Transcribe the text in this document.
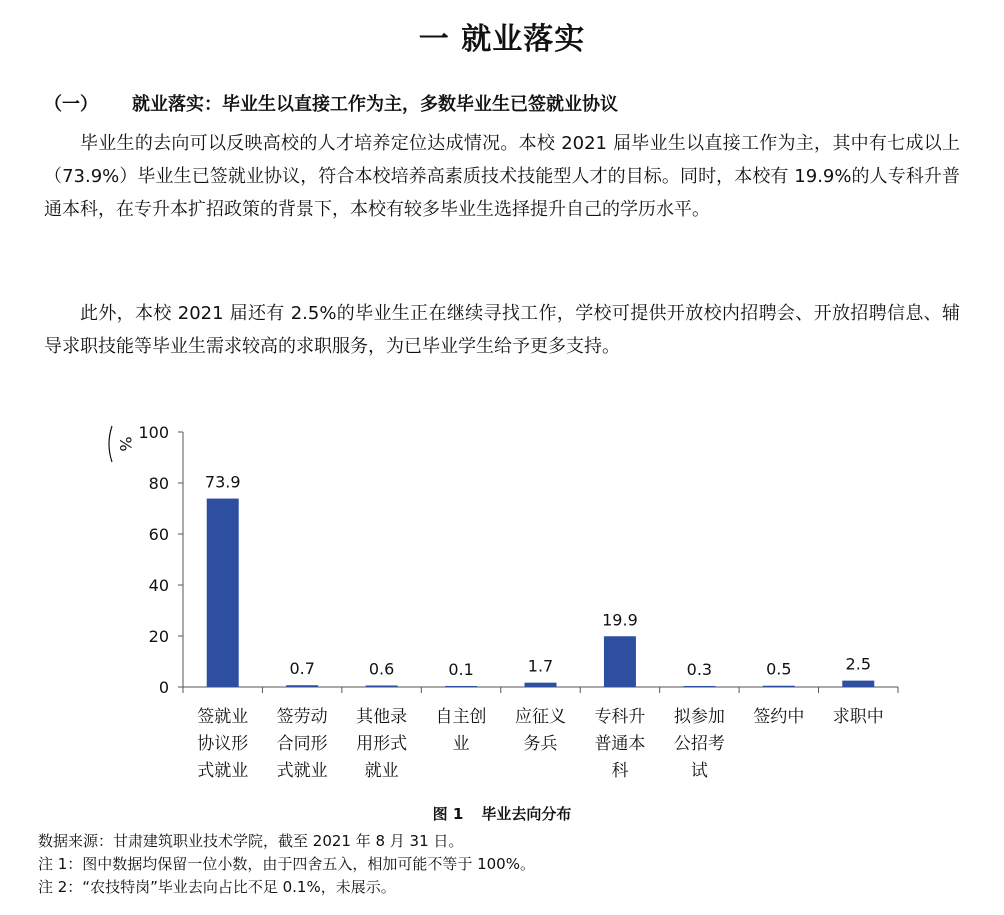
一 就业落实
（一） 就业落实：毕业生以直接工作为主，多数毕业生已签就业协议

毕业生的去向可以反映高校的人才培养定位达成情况。本校 2021 届毕业生以直接工作为主，其中有七成以上（73.9%）毕业生已签就业协议，符合本校培养高素质技术技能型人才的目标。同时，本校有 19.9%的人专科升普通本科，在专升本扩招政策的背景下，本校有较多毕业生选择提升自己的学历水平。

此外，本校 2021 届还有 2.5%的毕业生正在继续寻找工作，学校可提供开放校内招聘会、开放招聘信息、辅导求职技能等毕业生需求较高的求职服务，为已毕业学生给予更多支持。

0
20
40
60
80
100
%
73.9
签就业
协议形
式就业
0.7
签劳动
合同形
式就业
0.6
其他录
用形式
就业
0.1
自主创
业
1.7
应征义
务兵
19.9
专科升
普通本
科
0.3
拟参加
公招考
试
0.5
签约中
2.5
求职中
图 1 毕业去向分布
数据来源：甘肃建筑职业技术学院，截至 2021 年 8 月 31 日。
注 1：图中数据均保留一位小数，由于四舍五入，相加可能不等于 100%。
注 2：“农技特岗”毕业去向占比不足 0.1%，未展示。
